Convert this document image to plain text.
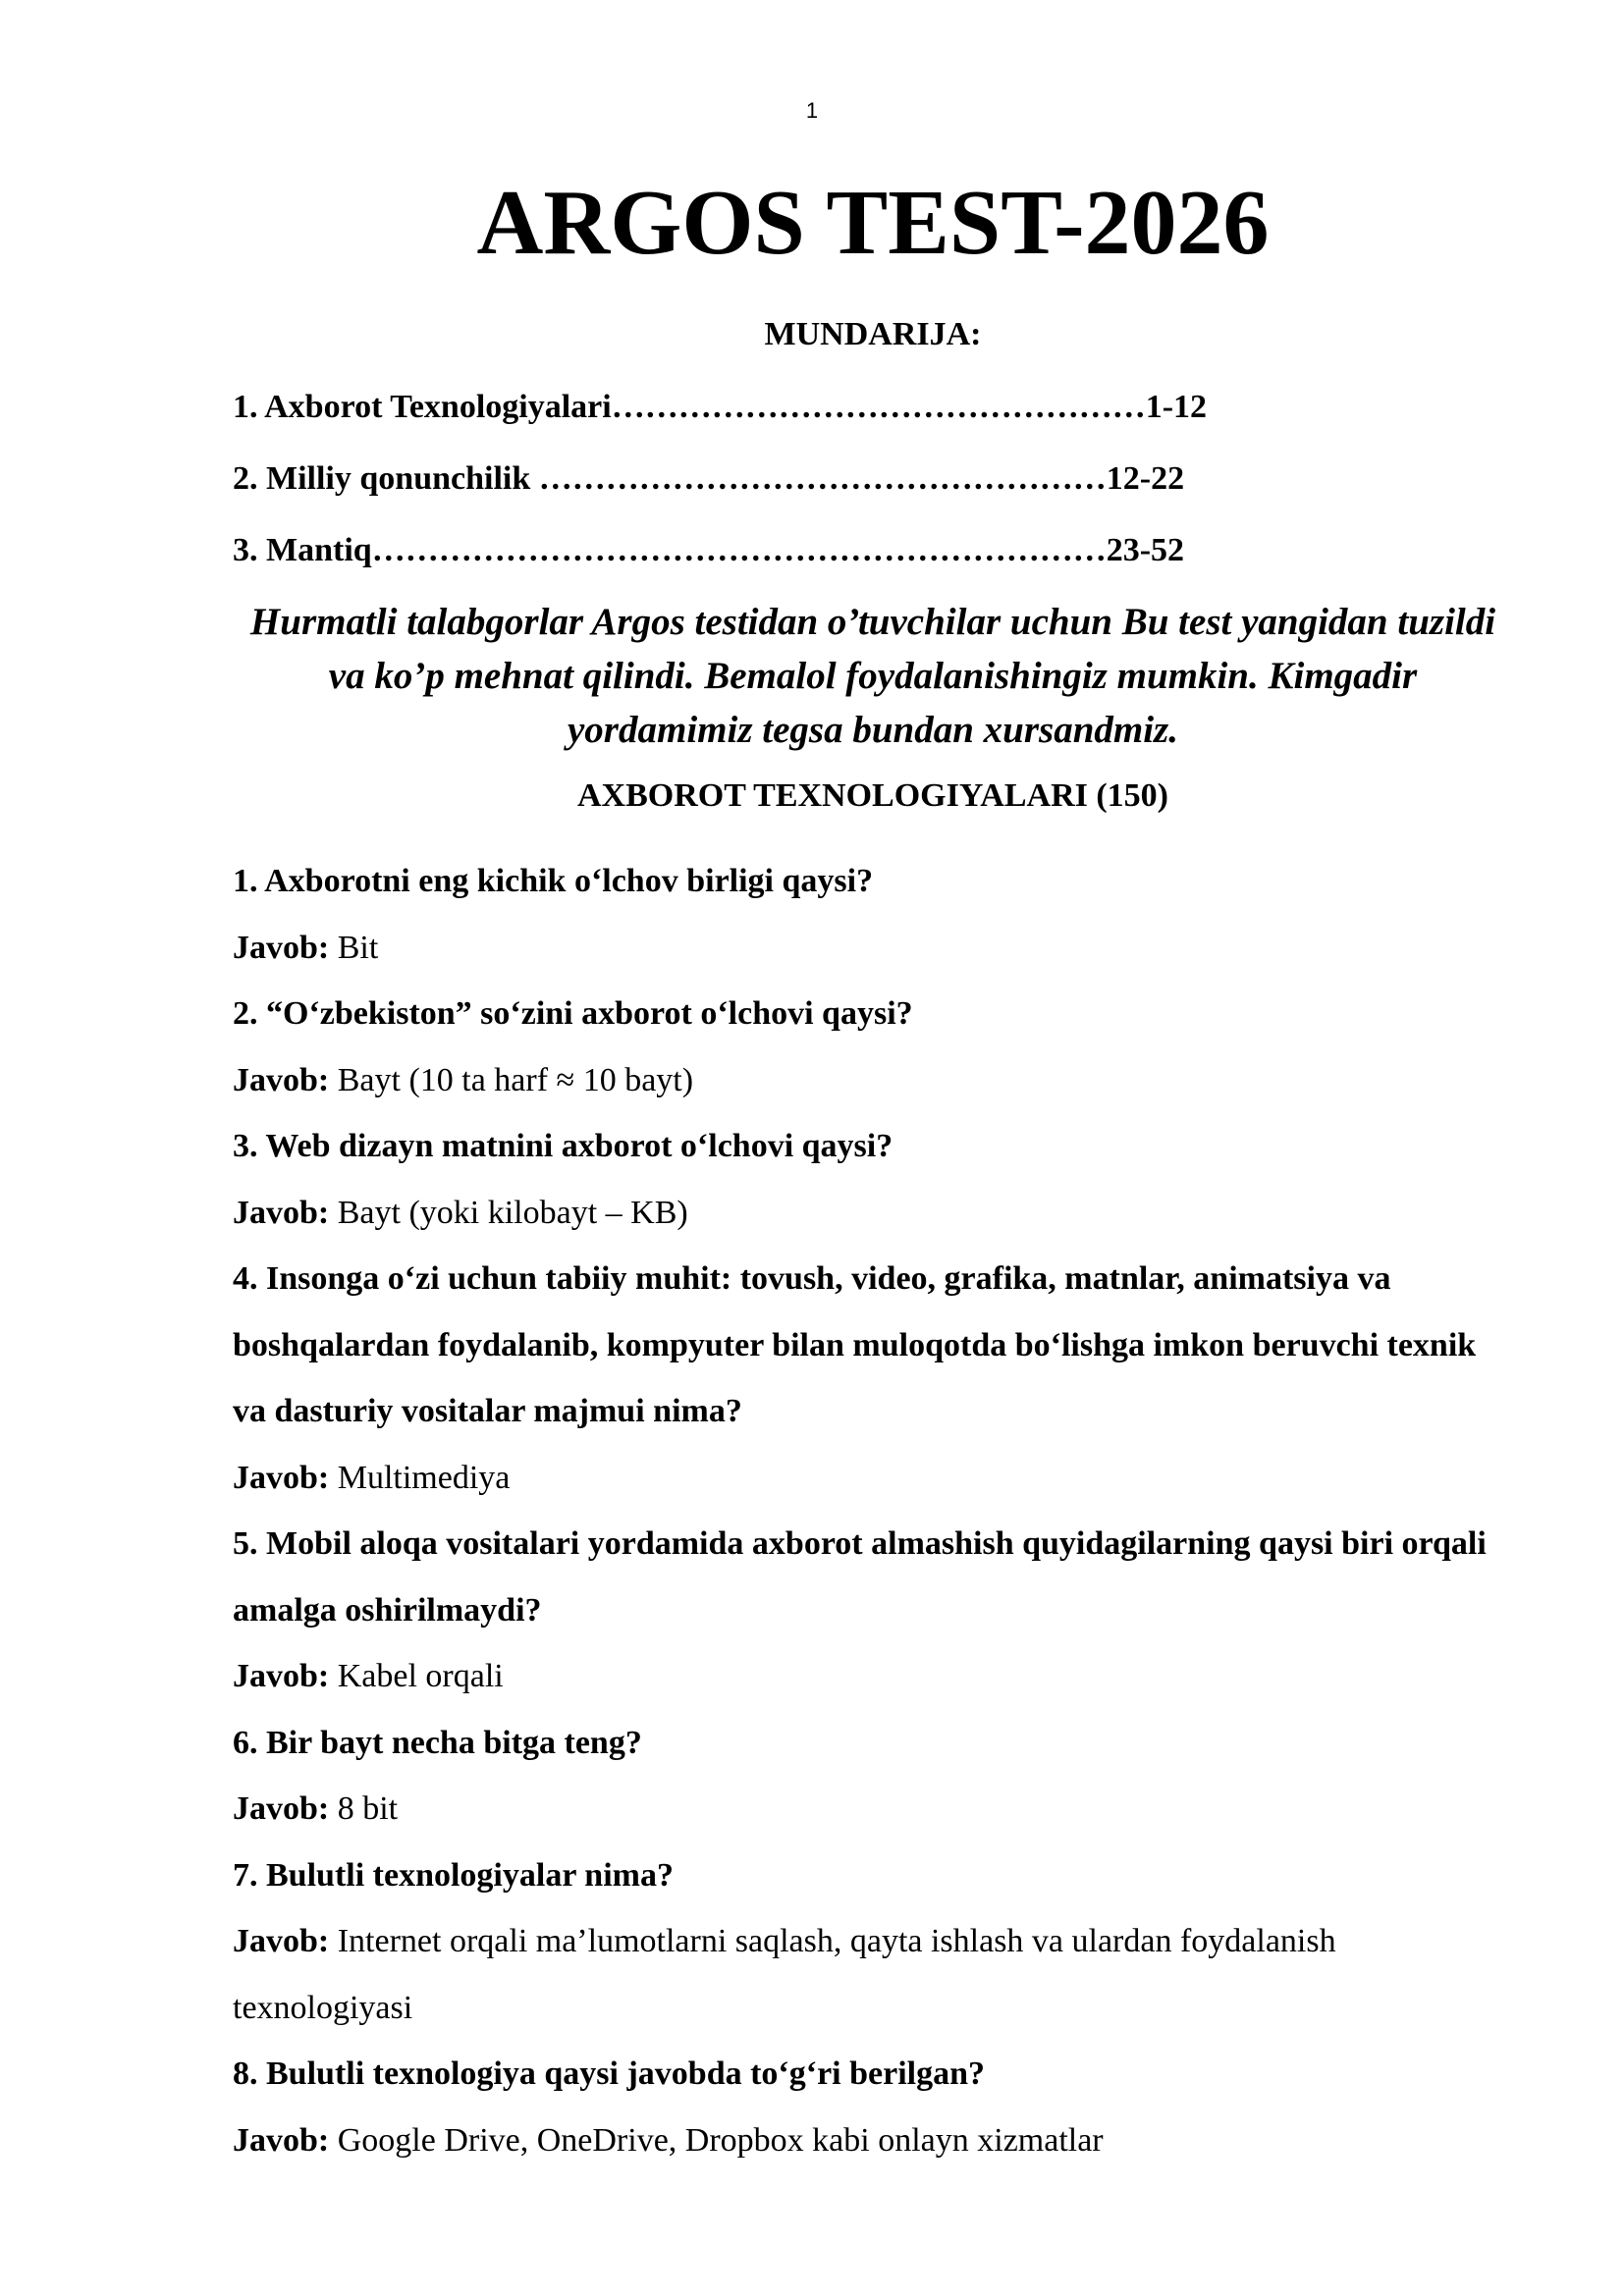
1
ARGOS TEST-2026
MUNDARIJA:
1. Axborot Texnologiyalari…………………………………………1-12
2. Milliy qonunchilik ……………………………………………12-22
3. Mantiq…………………………………………………………23-52

Hurmatli talabgorlar Argos testidan o’tuvchilar uchun Bu test yangidan tuzildi va ko’p mehnat qilindi. Bemalol foydalanishingiz mumkin. Kimgadir yordamimiz tegsa bundan xursandmiz.

AXBOROT TEXNOLOGIYALARI (150)

1. Axborotni eng kichik o‘lchov birligi qaysi?

Javob: Bit

2. “O‘zbekiston” so‘zini axborot o‘lchovi qaysi?

Javob: Bayt (10 ta harf ≈ 10 bayt)

3. Web dizayn matnini axborot o‘lchovi qaysi?

Javob: Bayt (yoki kilobayt – KB)

4. Insonga o‘zi uchun tabiiy muhit: tovush, video, grafika, matnlar, animatsiya va boshqalardan foydalanib, kompyuter bilan muloqotda bo‘lishga imkon beruvchi texnik va dasturiy vositalar majmui nima?

Javob: Multimediya

5. Mobil aloqa vositalari yordamida axborot almashish quyidagilarning qaysi biri orqali amalga oshirilmaydi?

Javob: Kabel orqali

6. Bir bayt necha bitga teng?

Javob: 8 bit

7. Bulutli texnologiyalar nima?

Javob: Internet orqali ma’lumotlarni saqlash, qayta ishlash va ulardan foydalanish texnologiyasi

8. Bulutli texnologiya qaysi javobda to‘g‘ri berilgan?

Javob: Google Drive, OneDrive, Dropbox kabi onlayn xizmatlar
